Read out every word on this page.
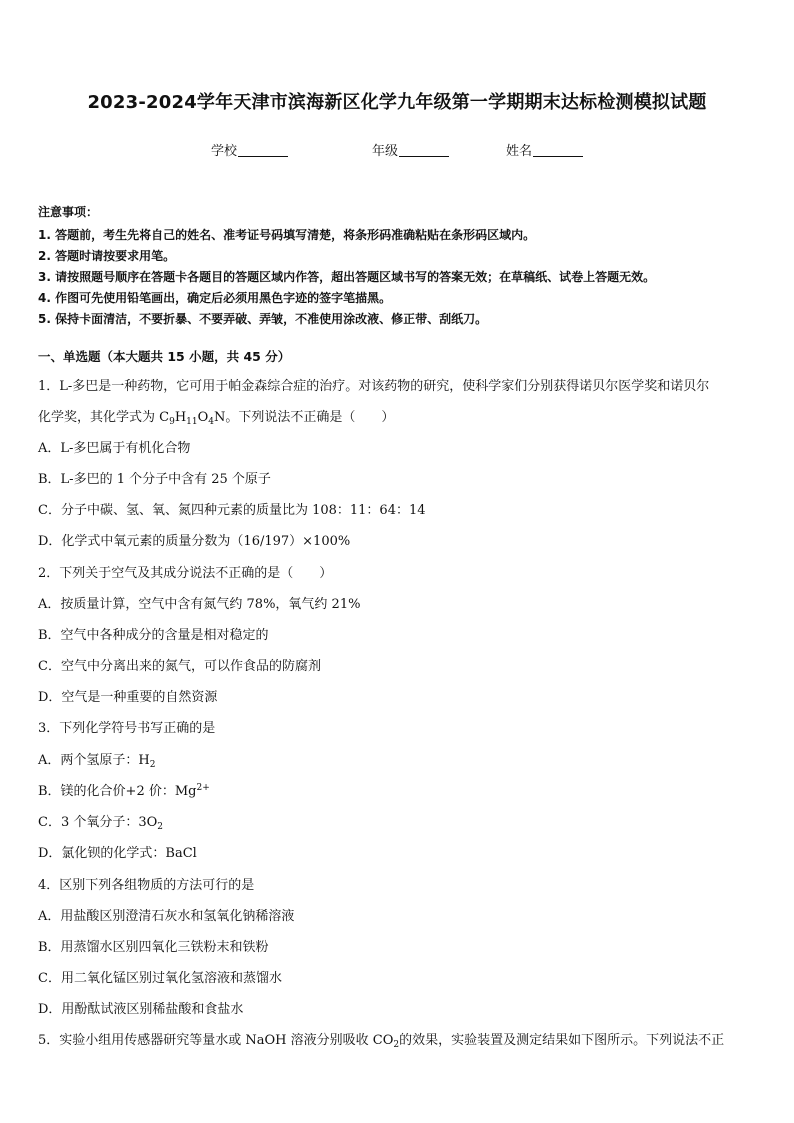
2023-2024学年天津市滨海新区化学九年级第一学期期末达标检测模拟试题
学校	年级	姓名
注意事项：
1. 答题前，考生先将自己的姓名、准考证号码填写清楚，将条形码准确粘贴在条形码区域内。
2. 答题时请按要求用笔。
3. 请按照题号顺序在答题卡各题目的答题区域内作答，超出答题区域书写的答案无效；在草稿纸、试卷上答题无效。
4. 作图可先使用铅笔画出，确定后必须用黑色字迹的签字笔描黑。
5. 保持卡面清洁，不要折暴、不要弄破、弄皱，不准使用涂改液、修正带、刮纸刀。
一、单选题（本大题共 15 小题，共 45 分）
1．L-多巴是一种药物，它可用于帕金森综合症的治疗。对该药物的研究，使科学家们分别获得诺贝尔医学奖和诺贝尔
化学奖，其化学式为 $C_9H_{11}O_4N$。下列说法不正确是（　　）
A．L-多巴属于有机化合物
B．L-多巴的 1 个分子中含有 25 个原子
C．分子中碳、氢、氧、氮四种元素的质量比为 108：11：64：14
D．化学式中氧元素的质量分数为（16/197）×100%
2．下列关于空气及其成分说法不正确的是（　　）
A．按质量计算，空气中含有氮气约 78%，氧气约 21%
B．空气中各种成分的含量是相对稳定的
C．空气中分离出来的氮气，可以作食品的防腐剂
D．空气是一种重要的自然资源
3．下列化学符号书写正确的是
A．两个氢原子：$H_2$
B．镁的化合价+2 价：$Mg^{2+}$
C．3 个氧分子：$3O_2$
D．氯化钡的化学式：BaCl
4．区别下列各组物质的方法可行的是
A．用盐酸区别澄清石灰水和氢氧化钠稀溶液
B．用蒸馏水区别四氧化三铁粉末和铁粉
C．用二氧化锰区别过氧化氢溶液和蒸馏水
D．用酚酞试液区别稀盐酸和食盐水
5．实验小组用传感器研究等量水或 NaOH 溶液分别吸收 $CO_2$的效果，实验装置及测定结果如下图所示。下列说法不正
